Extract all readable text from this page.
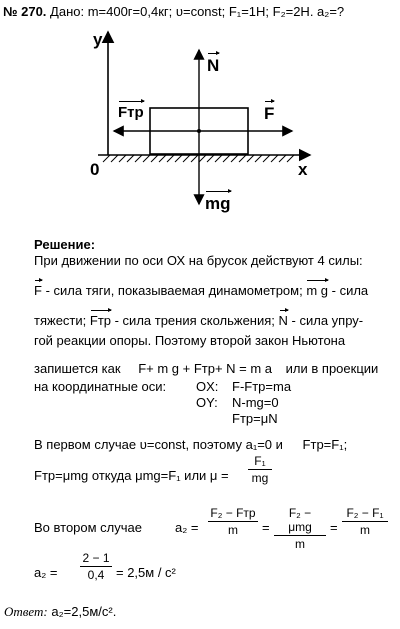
№ 270. Дано: m=400г=0,4кг; υ=const; F₁=1Н; F₂=2Н. a₂=?
y
x
0
N
F
Fтр
mg
Решение:
При движении по оси ОХ на брусок действуют 4 силы:
F - сила тяги, показываемая динамометром; m g - сила
тяжести; Fтр - сила трения скольжения; N - сила упру-
гой реакции опоры. Поэтому второй закон Ньютона
запишется как F+ m g + Fтр+ N = m a или в проекции
на координатные оси: OX: F-Fтр=ma
OY: N-mg=0
Fтр=μN
В первом случае υ=const, поэтому a₁=0 и Fтр=F₁;
Fтр=μmg откуда μmg=F₁ или μ =
F₁
mg
Во втором случае	a₂ =
F₂ − Fтр
m	=
F₂ − μmg
m
=
F₂ − F₁
m
a₂ =
2 − 1
0,4 = 2,5м / с²
Ответ: a₂=2,5м/с².
